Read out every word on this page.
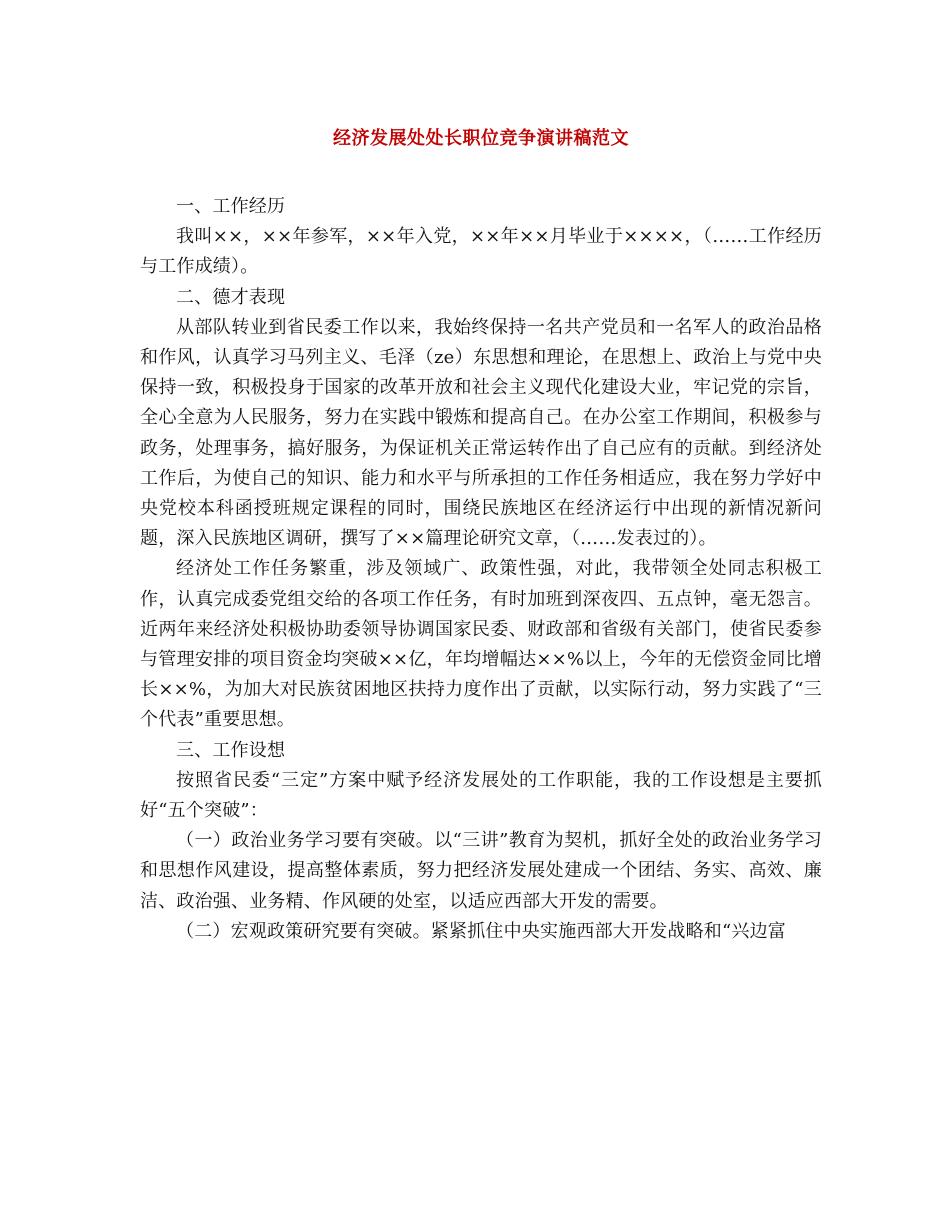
经济发展处处长职位竞争演讲稿范文

一、工作经历

我叫××，××年参军，××年入党，××年××月毕业于××××，（……工作经历与工作成绩）。

二、德才表现

从部队转业到省民委工作以来，我始终保持一名共产党员和一名军人的政治品格和作风，认真学习马列主义、毛泽（ze）东思想和理论，在思想上、政治上与党中央保持一致，积极投身于国家的改革开放和社会主义现代化建设大业，牢记党的宗旨，全心全意为人民服务，努力在实践中锻炼和提高自己。在办公室工作期间，积极参与政务，处理事务，搞好服务，为保证机关正常运转作出了自己应有的贡献。到经济处工作后，为使自己的知识、能力和水平与所承担的工作任务相适应，我在努力学好中央党校本科函授班规定课程的同时，围绕民族地区在经济运行中出现的新情况新问题，深入民族地区调研，撰写了××篇理论研究文章，（……发表过的）。

经济处工作任务繁重，涉及领域广、政策性强，对此，我带领全处同志积极工作，认真完成委党组交给的各项工作任务，有时加班到深夜四、五点钟，毫无怨言。近两年来经济处积极协助委领导协调国家民委、财政部和省级有关部门，使省民委参与管理安排的项目资金均突破××亿，年均增幅达××%以上，今年的无偿资金同比增长××%，为加大对民族贫困地区扶持力度作出了贡献，以实际行动，努力实践了“三个代表”重要思想。

三、工作设想

按照省民委“三定”方案中赋予经济发展处的工作职能，我的工作设想是主要抓好“五个突破”：

（一）政治业务学习要有突破。以“三讲”教育为契机，抓好全处的政治业务学习和思想作风建设，提高整体素质，努力把经济发展处建成一个团结、务实、高效、廉洁、政治强、业务精、作风硬的处室，以适应西部大开发的需要。

（二）宏观政策研究要有突破。紧紧抓住中央实施西部大开发战略和“兴边富
